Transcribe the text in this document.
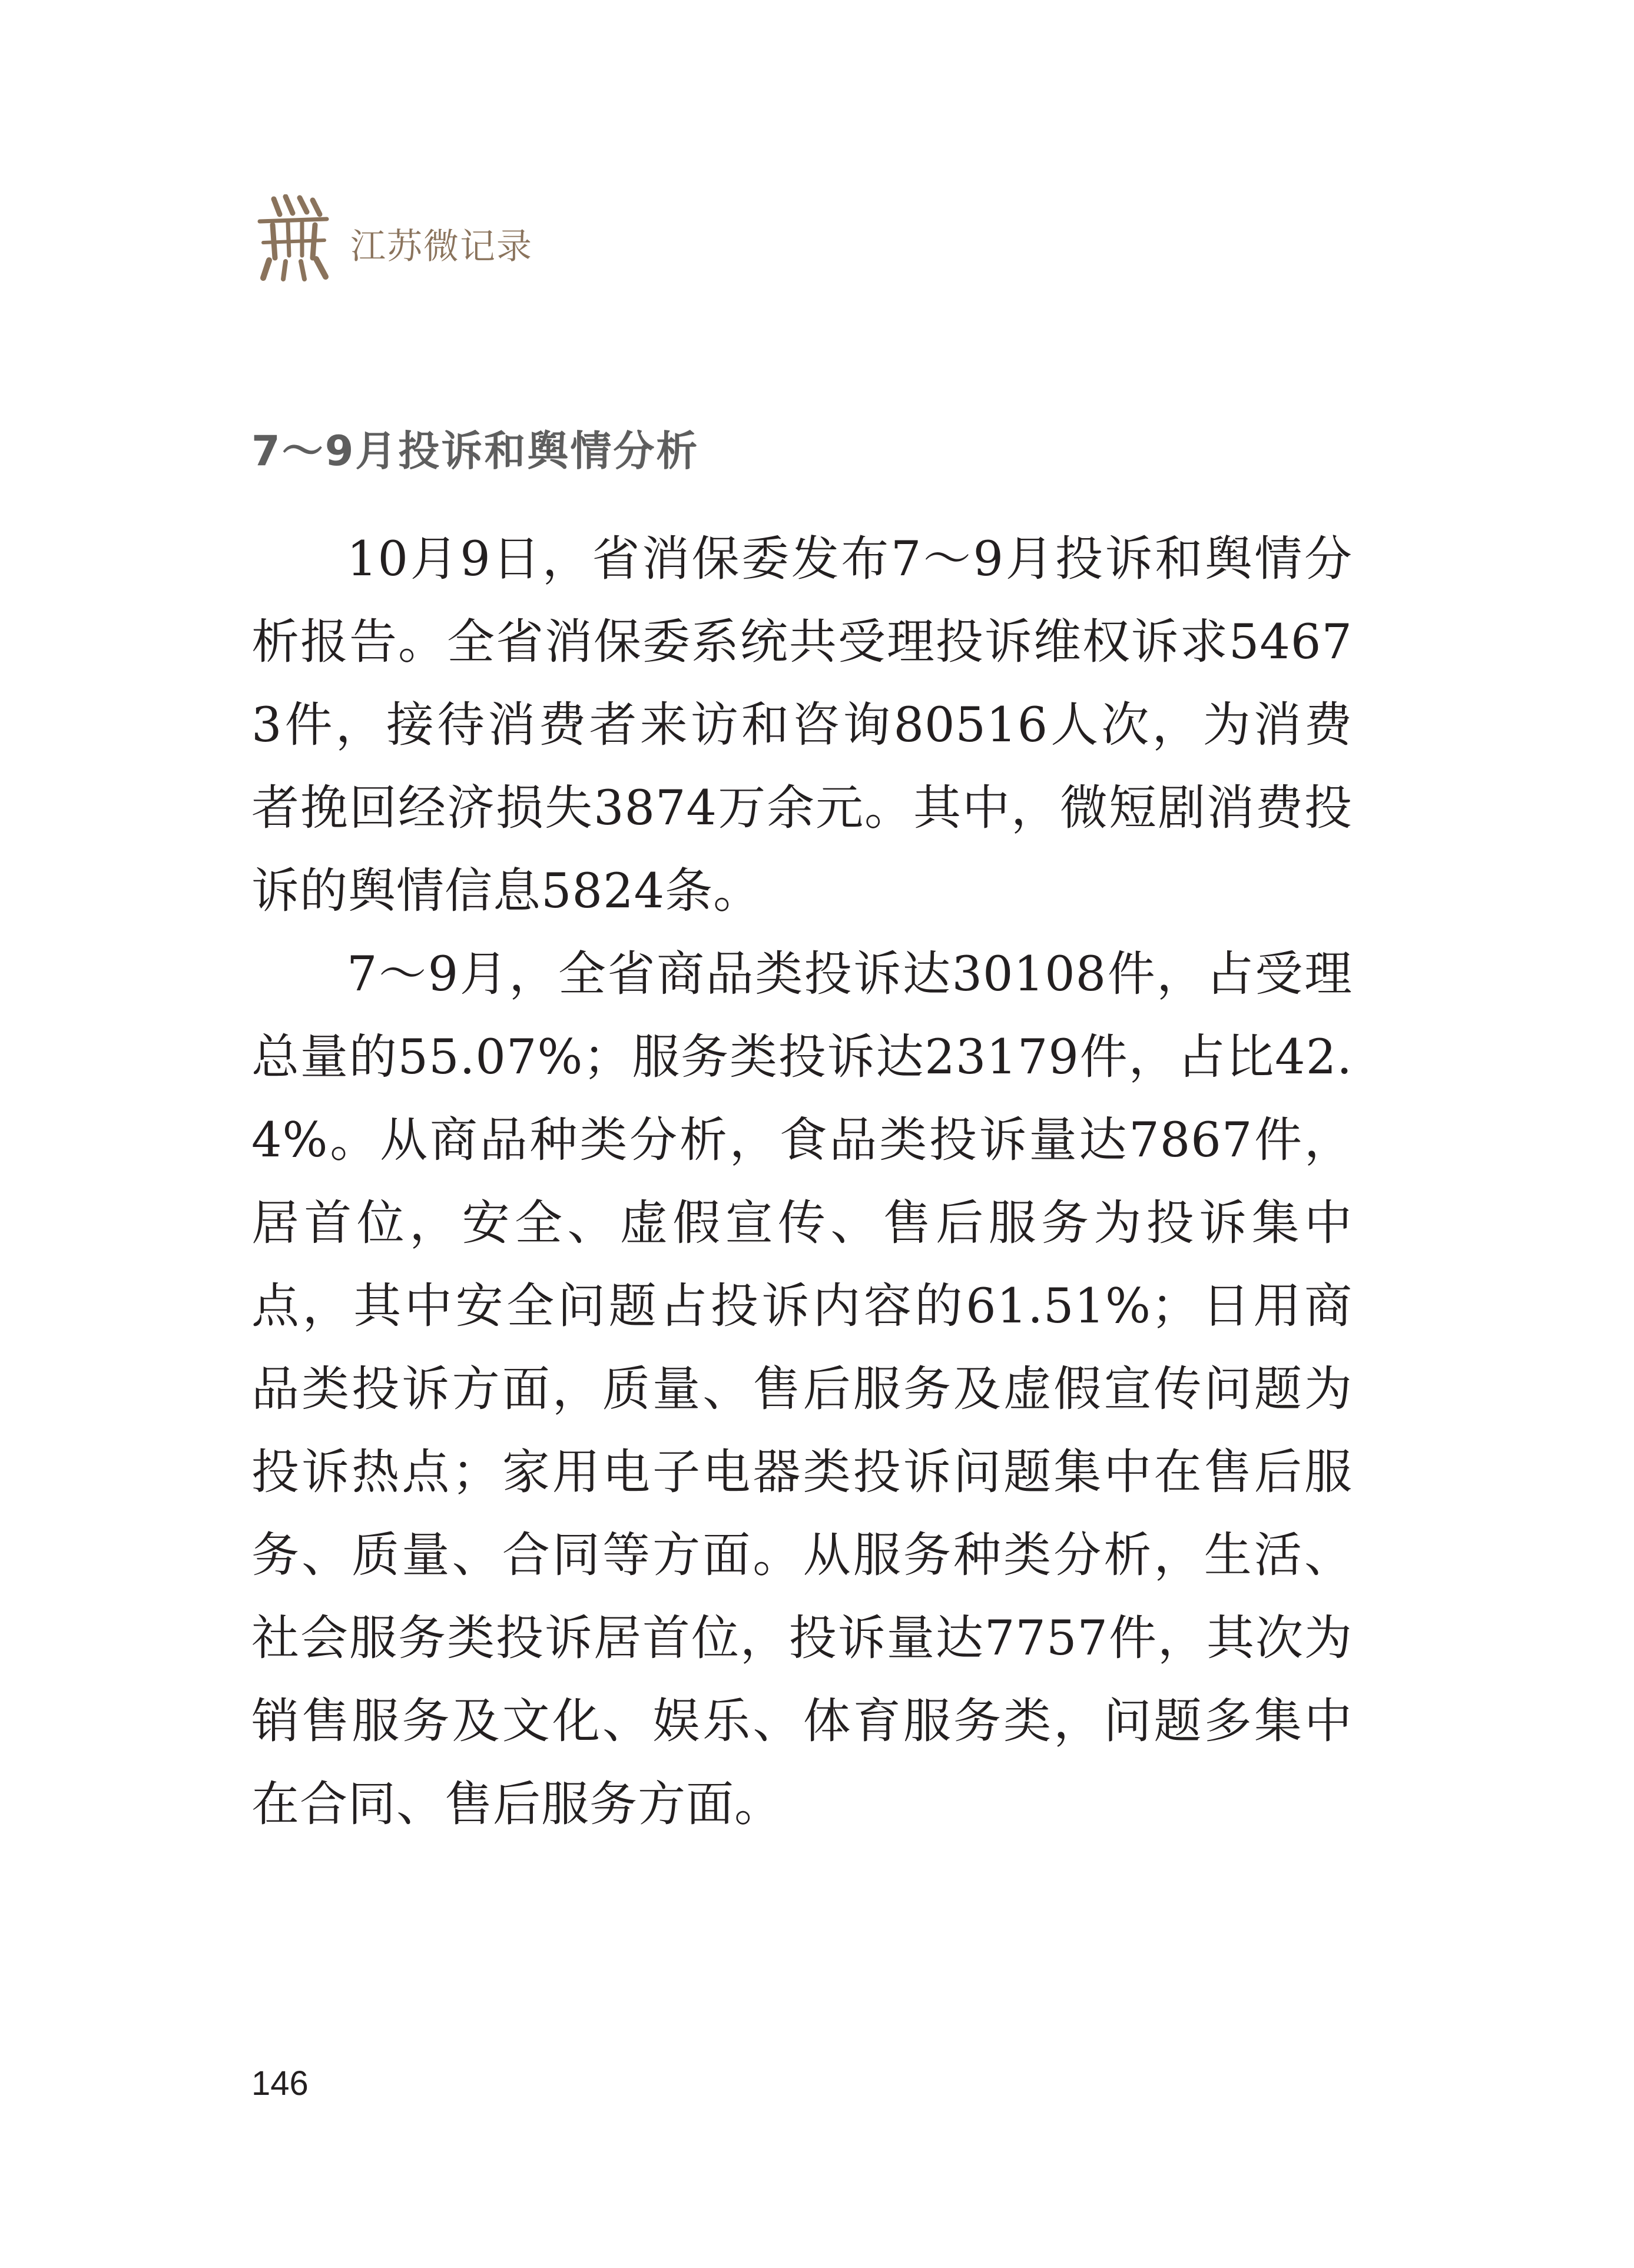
江苏微记录
7～9月投诉和舆情分析

10月9日，省消保委发布7～9月投诉和舆情分析报告。全省消保委系统共受理投诉维权诉求54673件，接待消费者来访和咨询80516人次，为消费者挽回经济损失3874万余元。其中，微短剧消费投诉的舆情信息5824条。

7～9月，全省商品类投诉达30108件，占受理总量的55.07%；服务类投诉达23179件，占比42.4%。从商品种类分析，食品类投诉量达7867件，居首位，安全、虚假宣传、售后服务为投诉集中点，其中安全问题占投诉内容的61.51%；日用商品类投诉方面，质量、售后服务及虚假宣传问题为投诉热点；家用电子电器类投诉问题集中在售后服务、质量、合同等方面。从服务种类分析，生活、社会服务类投诉居首位，投诉量达7757件，其次为销售服务及文化、娱乐、体育服务类，问题多集中在合同、售后服务方面。

146
